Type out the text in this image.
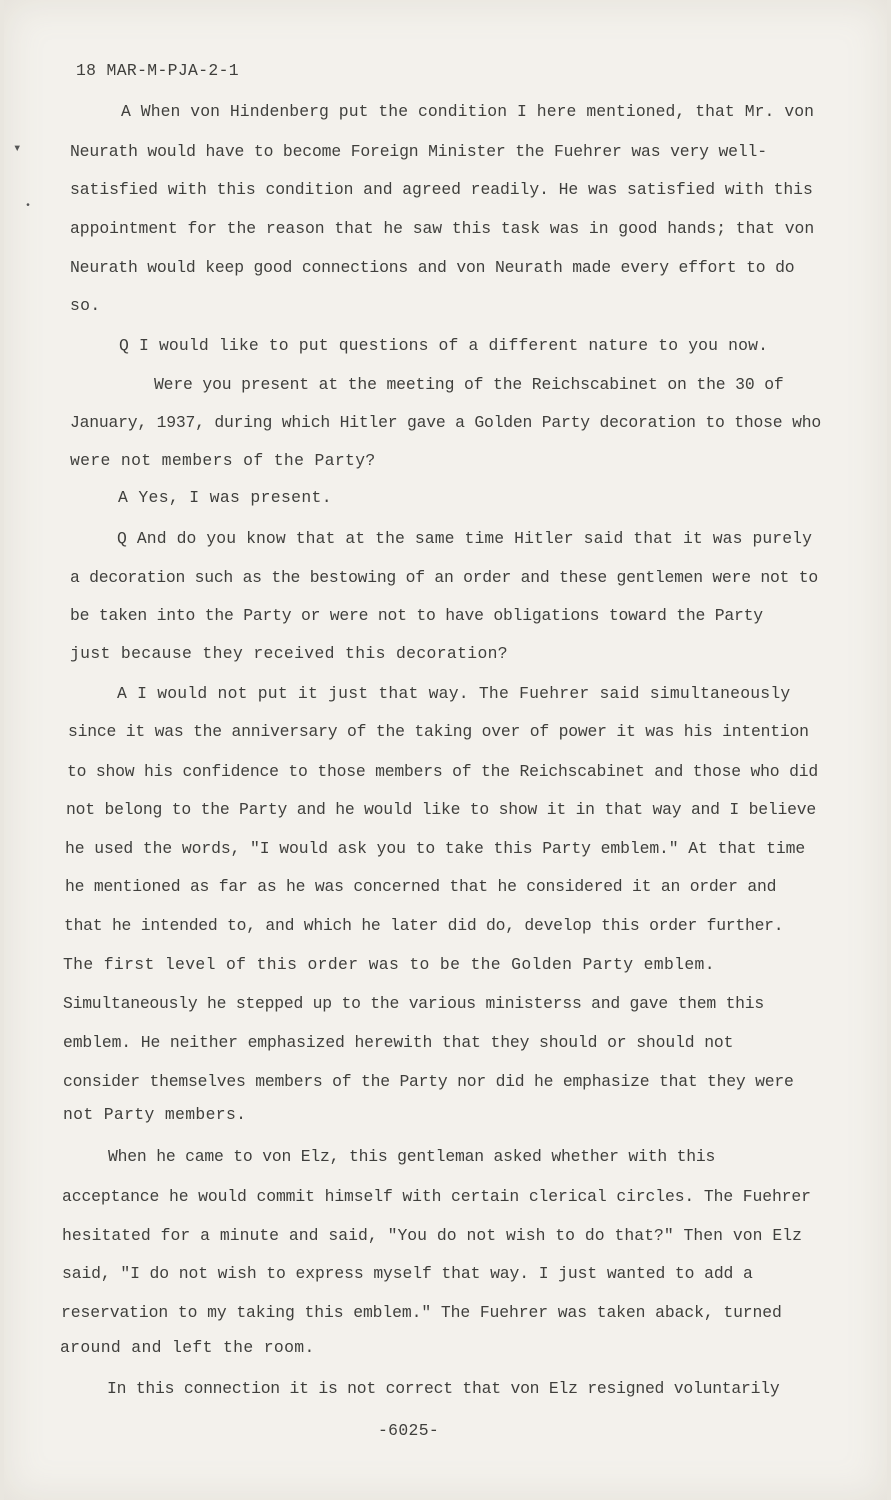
18 MAR-M-PJA-2-1
A When von Hindenberg put the condition I here mentioned, that Mr. von
Neurath would have to become Foreign Minister the Fuehrer was very well-
satisfied with this condition and agreed readily. He was satisfied with this
appointment for the reason that he saw this task was in good hands; that von
Neurath would keep good connections and von Neurath made every effort to do
so.
Q I would like to put questions of a different nature to you now.
Were you present at the meeting of the Reichscabinet on the 30 of
January, 1937, during which Hitler gave a Golden Party decoration to those who
were not members of the Party?
A Yes, I was present.
Q And do you know that at the same time Hitler said that it was purely
a decoration such as the bestowing of an order and these gentlemen were not to
be taken into the Party or were not to have obligations toward the Party
just because they received this decoration?
A I would not put it just that way. The Fuehrer said simultaneously
since it was the anniversary of the taking over of power it was his intention
to show his confidence to those members of the Reichscabinet and those who did
not belong to the Party and he would like to show it in that way and I believe
he used the words, "I would ask you to take this Party emblem." At that time
he mentioned as far as he was concerned that he considered it an order and
that he intended to, and which he later did do, develop this order further.
The first level of this order was to be the Golden Party emblem.
Simultaneously he stepped up to the various ministerss and gave them this
emblem. He neither emphasized herewith that they should or should not
consider themselves members of the Party nor did he emphasize that they were
not Party members.
When he came to von Elz, this gentleman asked whether with this
acceptance he would commit himself with certain clerical circles. The Fuehrer
hesitated for a minute and said, "You do not wish to do that?" Then von Elz
said, "I do not wish to express myself that way. I just wanted to add a
reservation to my taking this emblem." The Fuehrer was taken aback, turned
around and left the room.
In this connection it is not correct that von Elz resigned voluntarily
-6025-
▾
•
